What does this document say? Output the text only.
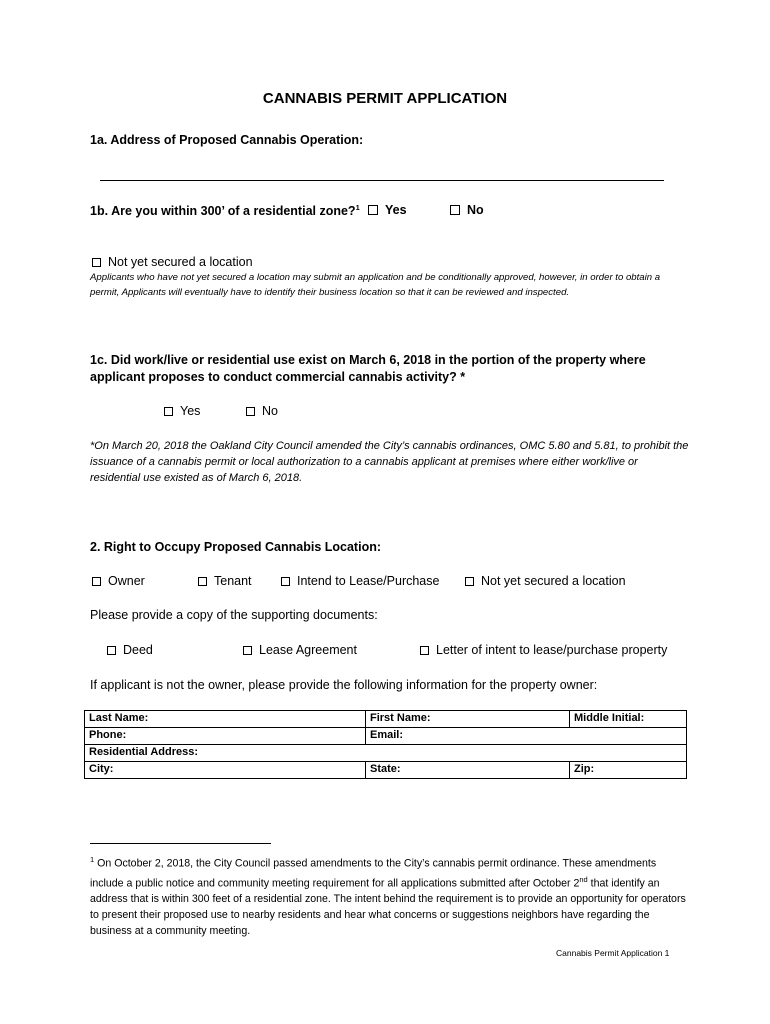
CANNABIS PERMIT APPLICATION
1a. Address of Proposed Cannabis Operation:
1b. Are you within 300’ of a residential zone?$^1$	Yes	No
Not yet secured a location
Applicants who have not yet secured a location may submit an application and be conditionally approved, however, in order to obtain a permit, Applicants will eventually have to identify their business location so that it can be reviewed and inspected.
1c. Did work/live or residential use exist on March 6, 2018 in the portion of the property where
applicant proposes to conduct commercial cannabis activity? *
Yes	No
*On March 20, 2018 the Oakland City Council amended the City’s cannabis ordinances, OMC 5.80 and 5.81, to prohibit the issuance of a cannabis permit or local authorization to a cannabis applicant at premises where either work/live or residential use existed as of March 6, 2018.
2. Right to Occupy Proposed Cannabis Location:
Owner	Tenant	Intend to Lease/Purchase	Not yet secured a location
Please provide a copy of the supporting documents:
Deed	Lease Agreement	Letter of intent to lease/purchase property
If applicant is not the owner, please provide the following information for the property owner:
Last Name:	First Name:	Middle Initial:
Phone:	Email:	
Residential Address:		
City:	State:	Zip:
$^1$ On October 2, 2018, the City Council passed amendments to the City’s cannabis permit ordinance. These amendments include a public notice and community meeting requirement for all applications submitted after October 2nd that identify an address that is within 300 feet of a residential zone. The intent behind the requirement is to provide an opportunity for operators to present their proposed use to nearby residents and hear what concerns or suggestions neighbors have regarding the business at a community meeting.
Cannabis Permit Application 1
